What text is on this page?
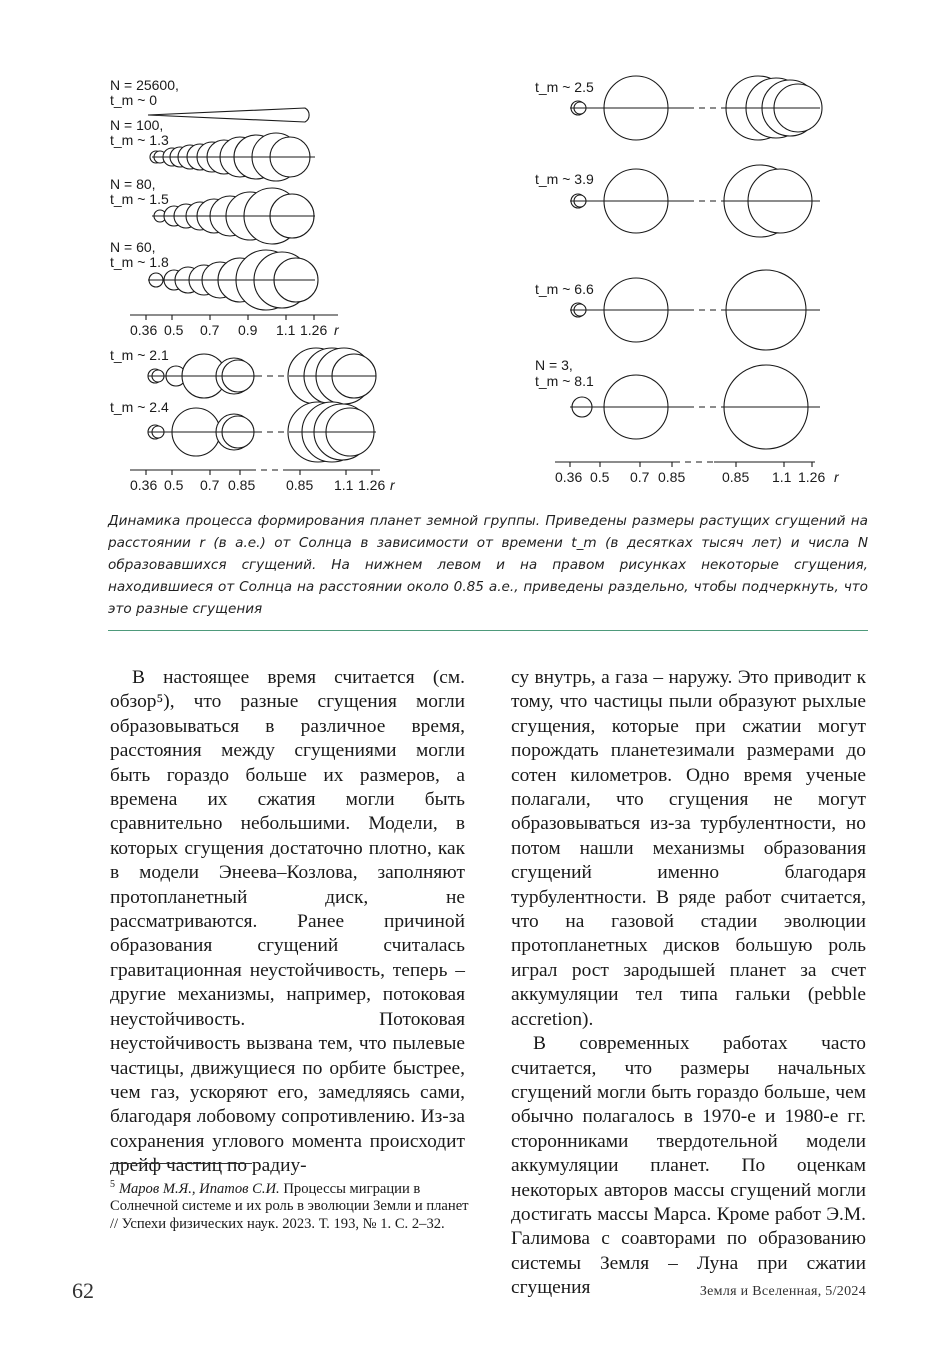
N = 25600,
t_m ~ 0
N = 100,
t_m ~ 1.3
N = 80,
t_m ~ 1.5
N = 60,
t_m ~ 1.8
t_m ~ 2.1
t_m ~ 2.4
0.36 0.5 0.7 0.9 1.1 1.26 r
0.36 0.5 0.7 0.85 0.85 1.1 1.26 r
t_m ~ 2.5
t_m ~ 3.9
t_m ~ 6.6
N = 3,
t_m ~ 8.1
0.36 0.5 0.7 0.85	0.85 1.1 1.26 r

Динамика процесса формирования планет земной группы. Приведены размеры растущих сгущений на расстоянии r (в а.е.) от Солнца в зависимости от времени t_m (в десятках тысяч лет) и числа N образовавшихся сгущений. На нижнем левом и на правом рисунках некоторые сгущения, находившиеся от Солнца на расстоянии около 0.85 а.е., приведены раздельно, чтобы подчеркнуть, что это разные сгущения

В настоящее время считается (см. обзор⁵), что разные сгущения могли образовываться в различное время, расстояния между сгущениями могли быть гораздо больше их размеров, а времена их сжатия могли быть сравнительно небольшими. Модели, в которых сгущения достаточно плотно, как в модели Энеева–Козлова, заполняют протопланетный диск, не рассматриваются. Ранее причиной образования сгущений считалась гравитационная неустойчивость, теперь – другие механизмы, например, потоковая неустойчивость. Потоковая неустойчивость вызвана тем, что пылевые частицы, движущиеся по орбите быстрее, чем газ, ускоряют его, замедляясь сами, благодаря лобовому сопротивлению. Из-за сохранения углового момента происходит дрейф частиц по радиу-

су внутрь, а газа – наружу. Это приводит к тому, что частицы пыли образуют рыхлые сгущения, которые при сжатии могут порождать планетезимали размерами до сотен километров. Одно время ученые полагали, что сгущения не могут образовываться из-за турбулентности, но потом нашли механизмы образования сгущений именно благодаря турбулентности. В ряде работ считается, что на газовой стадии эволюции протопланетных дисков большую роль играл рост зародышей планет за счет аккумуляции тел типа гальки (pebble accretion).

В современных работах часто считается, что размеры начальных сгущений могли быть гораздо больше, чем обычно полагалось в 1970-е и 1980-е гг. сторонниками твердотельной модели аккумуляции планет. По оценкам некоторых авторов массы сгущений могли достигать массы Марса. Кроме работ Э.М. Галимова с соавторами по образованию системы Земля – Луна при сжатии сгущения

$^5$ Маров М.Я., Ипатов С.И. Процессы миграции в Солнечной системе и их роль в эволюции Земли и планет // Успехи физических наук. 2023. Т. 193, № 1. С. 2–32.

62	Земля и Вселенная, 5/2024
